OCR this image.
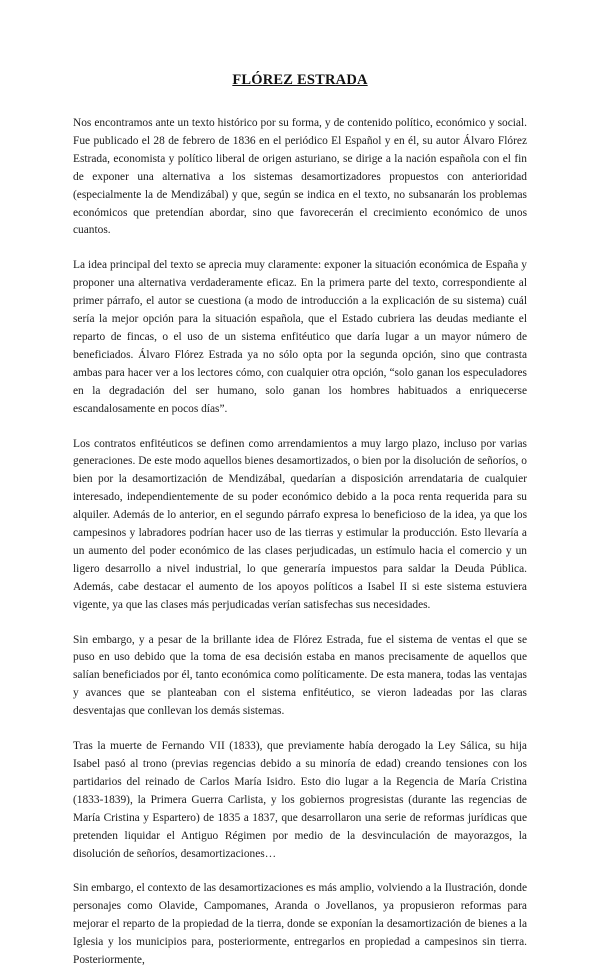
FLÓREZ ESTRADA

Nos encontramos ante un texto histórico por su forma, y de contenido político, económico y social. Fue publicado el 28 de febrero de 1836 en el periódico El Español y en él, su autor Álvaro Flórez Estrada, economista y político liberal de origen asturiano, se dirige a la nación española con el fin de exponer una alternativa a los sistemas desamortizadores propuestos con anterioridad (especialmente la de Mendizábal) y que, según se indica en el texto, no subsanarán los problemas económicos que pretendían abordar, sino que favorecerán el crecimiento económico de unos cuantos.

La idea principal del texto se aprecia muy claramente: exponer la situación económica de España y proponer una alternativa verdaderamente eficaz. En la primera parte del texto, correspondiente al primer párrafo, el autor se cuestiona (a modo de introducción a la explicación de su sistema) cuál sería la mejor opción para la situación española, que el Estado cubriera las deudas mediante el reparto de fincas, o el uso de un sistema enfitéutico que daría lugar a un mayor número de beneficiados. Álvaro Flórez Estrada ya no sólo opta por la segunda opción, sino que contrasta ambas para hacer ver a los lectores cómo, con cualquier otra opción, “solo ganan los especuladores en la degradación del ser humano, solo ganan los hombres habituados a enriquecerse escandalosamente en pocos días”.

Los contratos enfitéuticos se definen como arrendamientos a muy largo plazo, incluso por varias generaciones. De este modo aquellos bienes desamortizados, o bien por la disolución de señoríos, o bien por la desamortización de Mendizábal, quedarían a disposición arrendataria de cualquier interesado, independientemente de su poder económico debido a la poca renta requerida para su alquiler. Además de lo anterior, en el segundo párrafo expresa lo beneficioso de la idea, ya que los campesinos y labradores podrían hacer uso de las tierras y estimular la producción. Esto llevaría a un aumento del poder económico de las clases perjudicadas, un estímulo hacia el comercio y un ligero desarrollo a nivel industrial, lo que generaría impuestos para saldar la Deuda Pública. Además, cabe destacar el aumento de los apoyos políticos a Isabel II si este sistema estuviera vigente, ya que las clases más perjudicadas verían satisfechas sus necesidades.

Sin embargo, y a pesar de la brillante idea de Flórez Estrada, fue el sistema de ventas el que se puso en uso debido que la toma de esa decisión estaba en manos precisamente de aquellos que salían beneficiados por él, tanto económica como políticamente. De esta manera, todas las ventajas y avances que se planteaban con el sistema enfitéutico, se vieron ladeadas por las claras desventajas que conllevan los demás sistemas.

Tras la muerte de Fernando VII (1833), que previamente había derogado la Ley Sálica, su hija Isabel pasó al trono (previas regencias debido a su minoría de edad) creando tensiones con los partidarios del reinado de Carlos María Isidro. Esto dio lugar a la Regencia de María Cristina (1833-1839), la Primera Guerra Carlista, y los gobiernos progresistas (durante las regencias de María Cristina y Espartero) de 1835 a 1837, que desarrollaron una serie de reformas jurídicas que pretenden liquidar el Antiguo Régimen por medio de la desvinculación de mayorazgos, la disolución de señoríos, desamortizaciones…

Sin embargo, el contexto de las desamortizaciones es más amplio, volviendo a la Ilustración, donde personajes como Olavide, Campomanes, Aranda o Jovellanos, ya propusieron reformas para mejorar el reparto de la propiedad de la tierra, donde se exponían la desamortización de bienes a la Iglesia y los municipios para, posteriormente, entregarlos en propiedad a campesinos sin tierra. Posteriormente,
